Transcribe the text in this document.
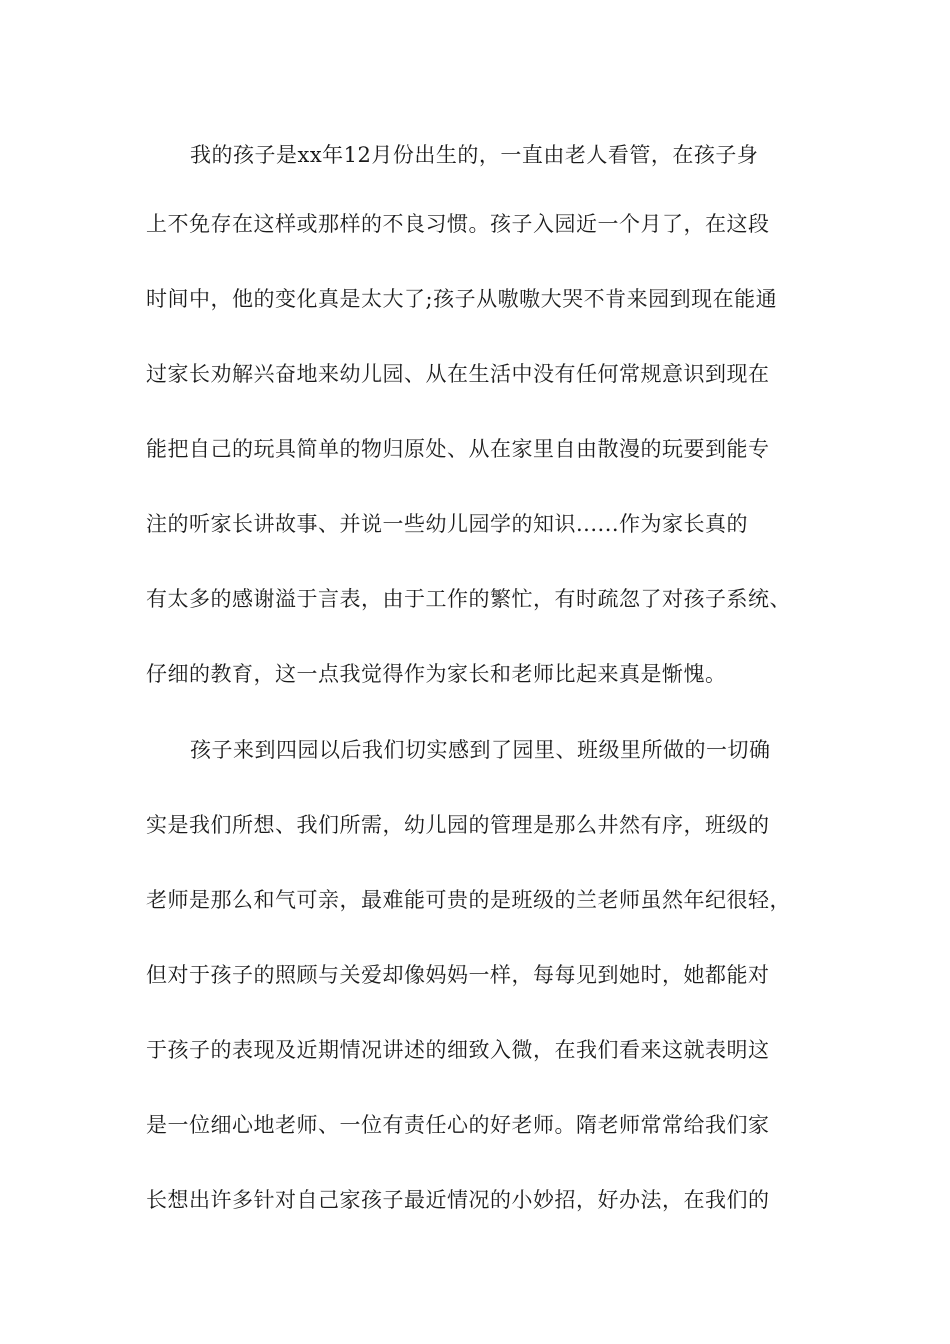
我的孩子是xx年12月份出生的，一直由老人看管，在孩子身
上不免存在这样或那样的不良习惯。孩子入园近一个月了，在这段
时间中，他的变化真是太大了;孩子从嗷嗷大哭不肯来园到现在能通
过家长劝解兴奋地来幼儿园、从在生活中没有任何常规意识到现在
能把自己的玩具简单的物归原处、从在家里自由散漫的玩要到能专
注的听家长讲故事、并说一些幼儿园学的知识......作为家长真的
有太多的感谢溢于言表，由于工作的繁忙，有时疏忽了对孩子系统、
仔细的教育，这一点我觉得作为家长和老师比起来真是惭愧。
孩子来到四园以后我们切实感到了园里、班级里所做的一切确
实是我们所想、我们所需，幼儿园的管理是那么井然有序，班级的
老师是那么和气可亲，最难能可贵的是班级的兰老师虽然年纪很轻，
但对于孩子的照顾与关爱却像妈妈一样，每每见到她时，她都能对
于孩子的表现及近期情况讲述的细致入微，在我们看来这就表明这
是一位细心地老师、一位有责任心的好老师。隋老师常常给我们家
长想出许多针对自己家孩子最近情况的小妙招，好办法，在我们的
